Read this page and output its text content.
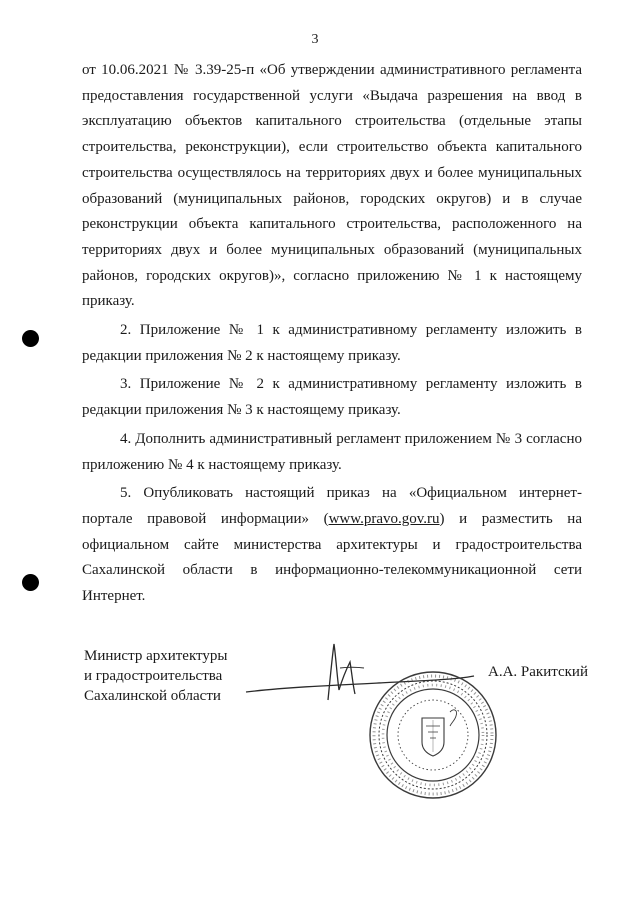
3

от 10.06.2021 № 3.39-25-п «Об утверждении административного регламента предоставления государственной услуги «Выдача разрешения на ввод в эксплуатацию объектов капитального строительства (отдельные этапы строительства, реконструкции), если строительство объекта капитального строительства осуществлялось на территориях двух и более муниципальных образований (муниципальных районов, городских округов) и в случае реконструкции объекта капитального строительства, расположенного на территориях двух и более муниципальных образований (муниципальных районов, городских округов)», согласно приложению № 1 к настоящему приказу.

2. Приложение № 1 к административному регламенту изложить в редакции приложения № 2 к настоящему приказу.

3. Приложение № 2 к административному регламенту изложить в редакции приложения № 3 к настоящему приказу.

4. Дополнить административный регламент приложением № 3 согласно приложению № 4 к настоящему приказу.

5. Опубликовать настоящий приказ на «Официальном интернет-портале правовой информации» (www.pravo.gov.ru) и разместить на официальном сайте министерства архитектуры и градостроительства Сахалинской области в информационно-телекоммуникационной сети Интернет.

Министр архитектуры
и градостроительства
Сахалинской области
А.А. Ракитский
